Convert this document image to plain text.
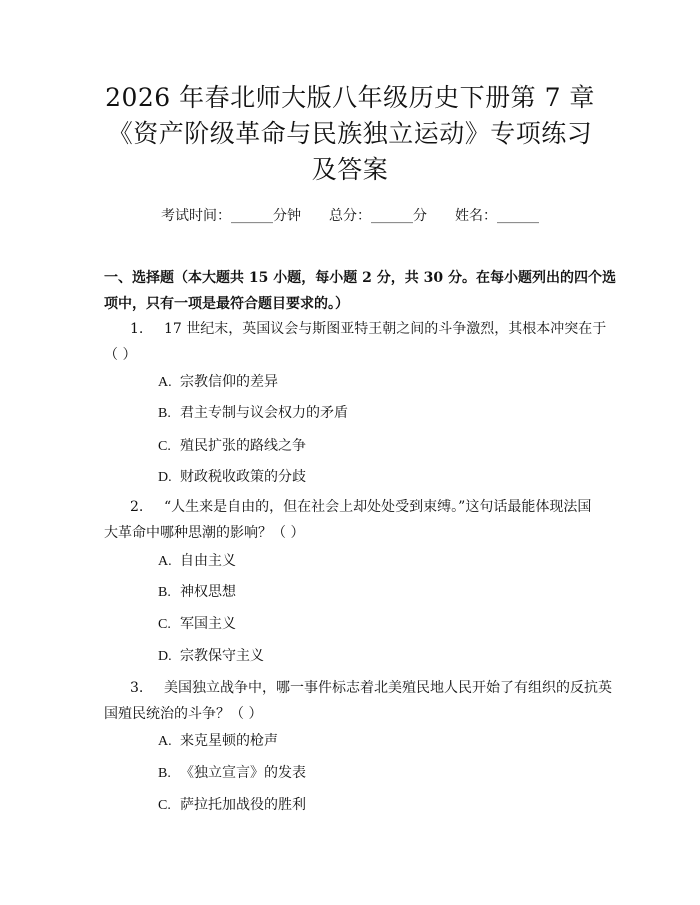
2026 年春北师大版八年级历史下册第 7 章
《资产阶级革命与民族独立运动》专项练习
及答案
考试时间：______分钟 总分：______分 姓名：______
一、选择题（本大题共 15 小题，每小题 2 分，共 30 分。在每小题列出的四个选
项中，只有一项是最符合题目要求的。）
1. 17 世纪末，英国议会与斯图亚特王朝之间的斗争激烈，其根本冲突在于
（ ）
A. 宗教信仰的差异
B. 君主专制与议会权力的矛盾
C. 殖民扩张的路线之争
D. 财政税收政策的分歧
2. “人生来是自由的，但在社会上却处处受到束缚。”这句话最能体现法国
大革命中哪种思潮的影响？（ ）
A. 自由主义
B. 神权思想
C. 军国主义
D. 宗教保守主义
3. 美国独立战争中，哪一事件标志着北美殖民地人民开始了有组织的反抗英
国殖民统治的斗争？（ ）
A. 来克星顿的枪声
B. 《独立宣言》的发表
C. 萨拉托加战役的胜利
